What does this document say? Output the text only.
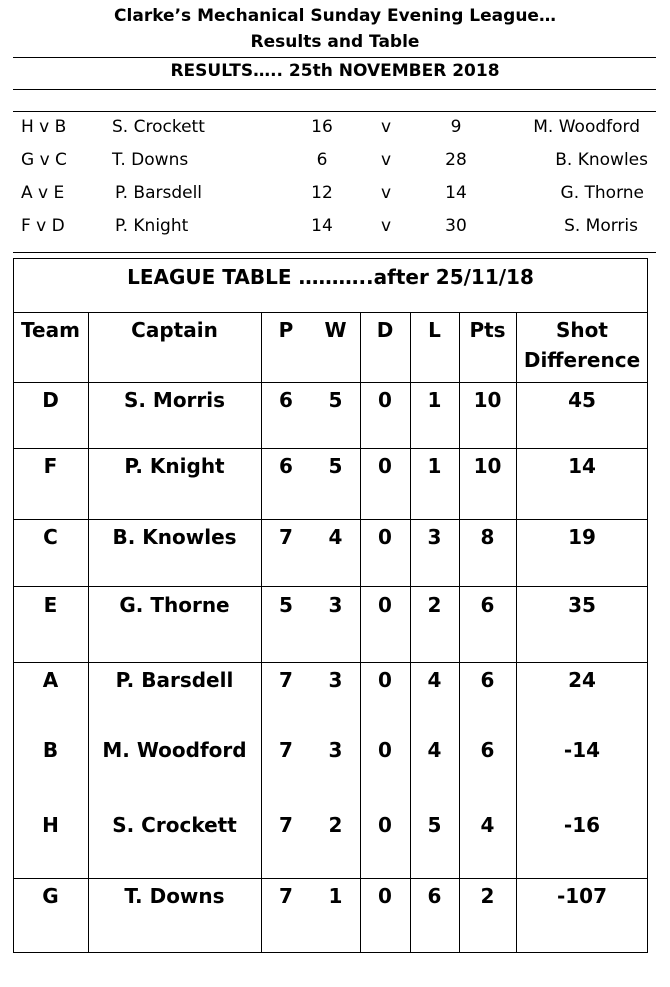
Clarke’s Mechanical Sunday Evening League…
Results and Table
RESULTS….. 25th NOVEMBER 2018
H v B	S. Crockett	16	v	9	M. Woodford
G v C	T. Downs	6	v	28	B. Knowles
A v E	P. Barsdell	12	v	14	G. Thorne
F v D	P. Knight	14	v	30	S. Morris
LEAGUE TABLE ………..after 25/11/18
Team	Captain	P	W	D	L	Pts	Shot
Difference
D	S. Morris	6	5	0	1	10	45
F	P. Knight	6	5	0	1	10	14
C	B. Knowles	7	4	0	3	8	19
E	G. Thorne	5	3	0	2	6	35
A	P. Barsdell	7	3	0	4	6	24
B	M. Woodford	7	3	0	4	6	-14
H	S. Crockett	7	2	0	5	4	-16
G	T. Downs	7	1	0	6	2	-107
